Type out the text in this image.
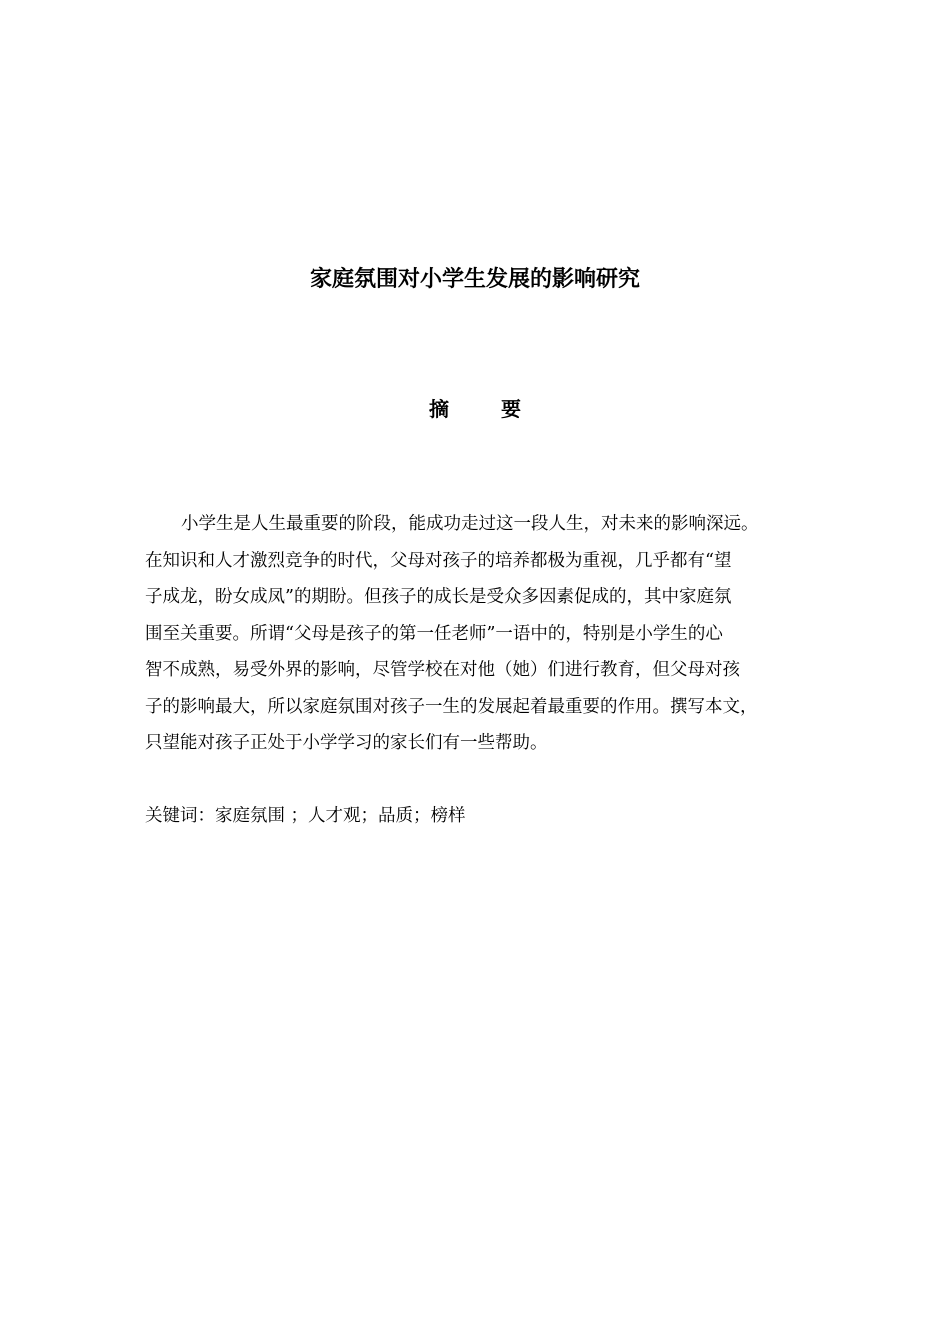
家庭氛围对小学生发展的影响研究
摘	要
小学生是人生最重要的阶段，能成功走过这一段人生，对未来的影响深远。
在知识和人才激烈竞争的时代，父母对孩子的培养都极为重视，几乎都有“望
子成龙，盼女成凤”的期盼。但孩子的成长是受众多因素促成的，其中家庭氛
围至关重要。所谓“父母是孩子的第一任老师”一语中的，特别是小学生的心
智不成熟，易受外界的影响，尽管学校在对他（她）们进行教育，但父母对孩
子的影响最大，所以家庭氛围对孩子一生的发展起着最重要的作用。撰写本文，
只望能对孩子正处于小学学习的家长们有一些帮助。

关键词：家庭氛围 ；人才观；品质；榜样
